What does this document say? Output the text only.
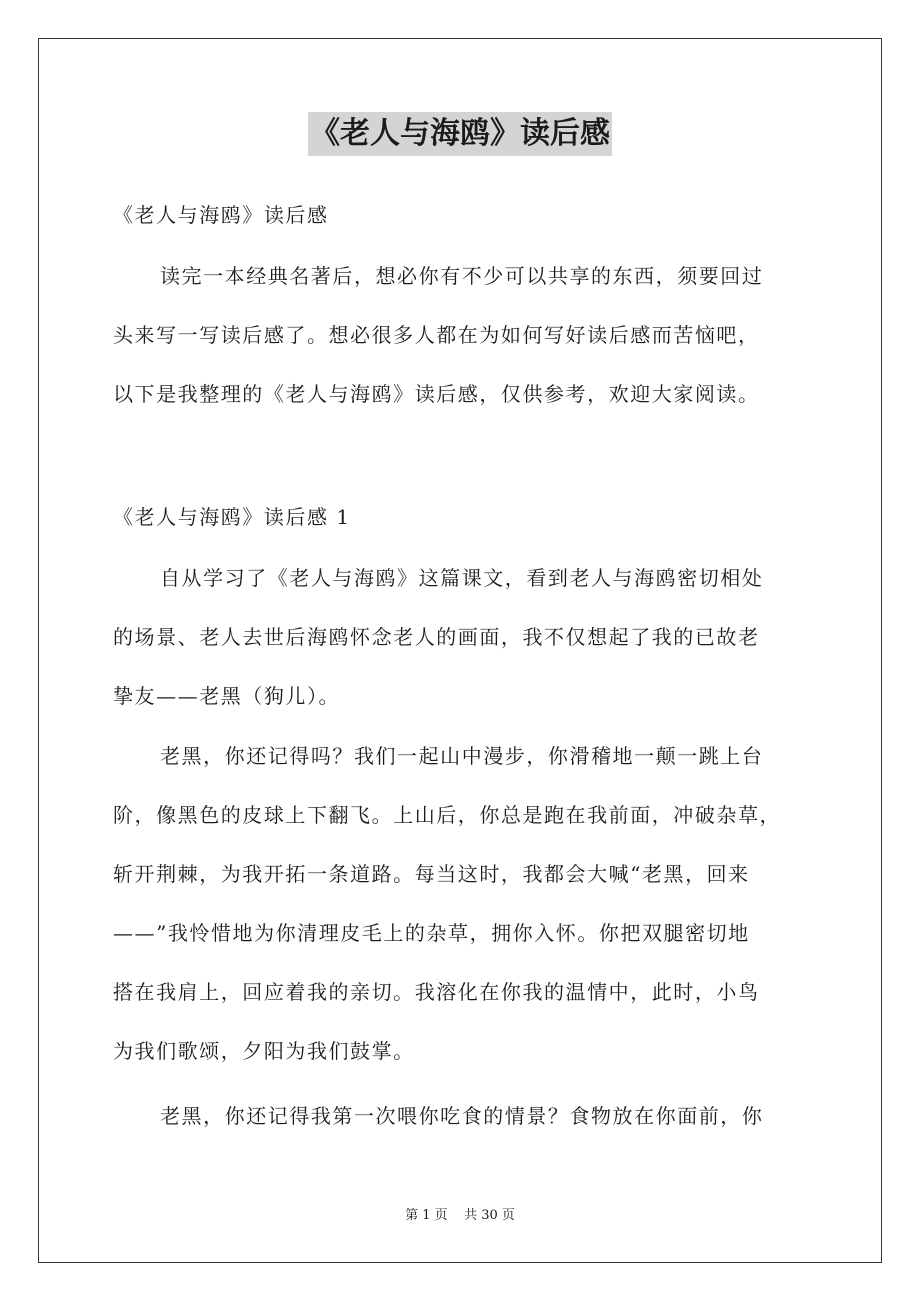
《老人与海鸥》读后感
《老人与海鸥》读后感
读完一本经典名著后，想必你有不少可以共享的东西，须要回过
头来写一写读后感了。想必很多人都在为如何写好读后感而苦恼吧，
以下是我整理的《老人与海鸥》读后感，仅供参考，欢迎大家阅读。
《老人与海鸥》读后感 1
自从学习了《老人与海鸥》这篇课文，看到老人与海鸥密切相处
的场景、老人去世后海鸥怀念老人的画面，我不仅想起了我的已故老
挚友——老黑（狗儿）。
老黑，你还记得吗？我们一起山中漫步，你滑稽地一颠一跳上台
阶，像黑色的皮球上下翻飞。上山后，你总是跑在我前面，冲破杂草，
斩开荆棘，为我开拓一条道路。每当这时，我都会大喊“老黑，回来
——”我怜惜地为你清理皮毛上的杂草，拥你入怀。你把双腿密切地
搭在我肩上，回应着我的亲切。我溶化在你我的温情中，此时，小鸟
为我们歌颂，夕阳为我们鼓掌。
老黑，你还记得我第一次喂你吃食的情景？食物放在你面前，你
第 1 页    共 30 页
